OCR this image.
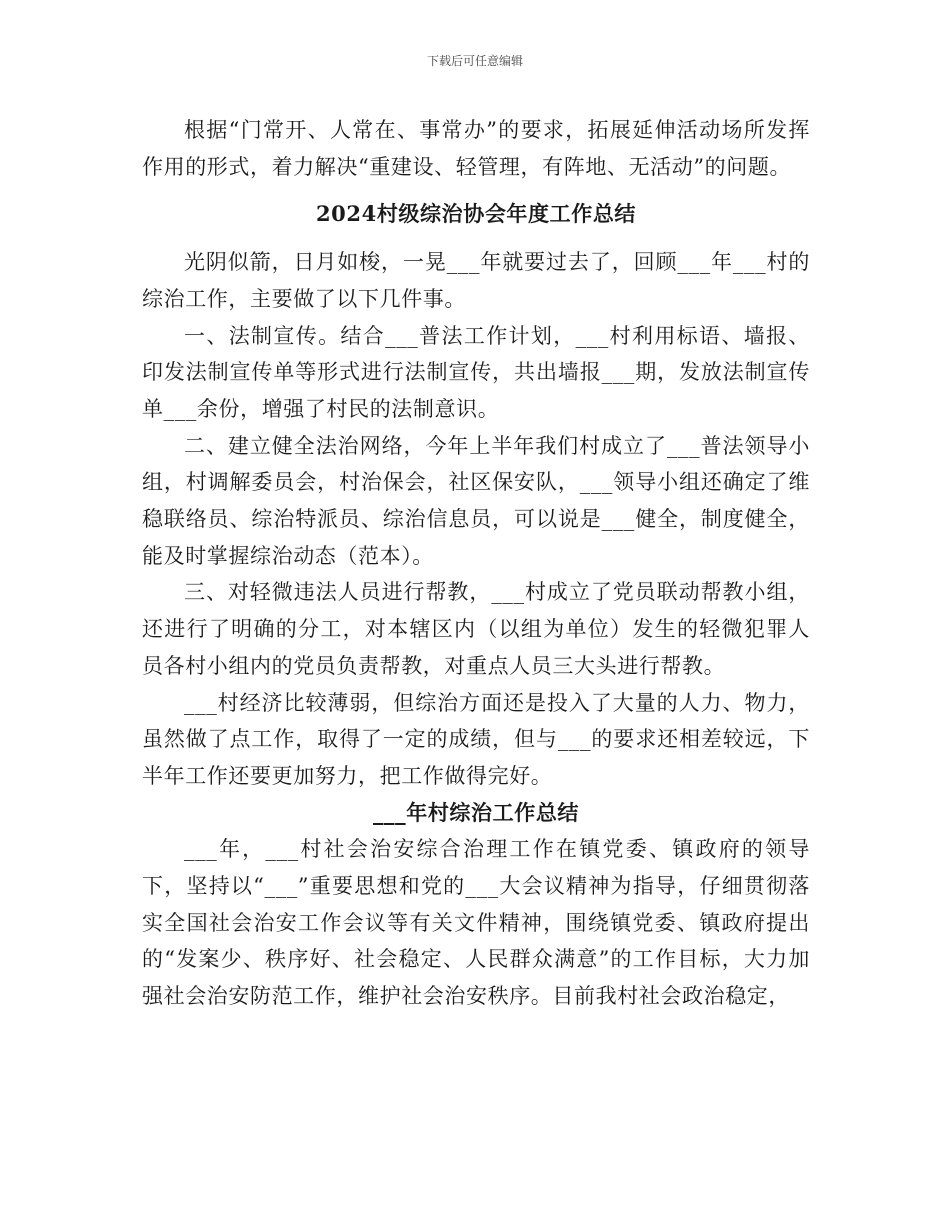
下载后可任意编辑

根据“门常开、人常在、事常办”的要求，拓展延伸活动场所发挥作用的形式，着力解决“重建设、轻管理，有阵地、无活动”的问题。

2024村级综治协会年度工作总结

光阴似箭，日月如梭，一晃___年就要过去了，回顾___年___村的综治工作，主要做了以下几件事。

一、法制宣传。结合___普法工作计划，___村利用标语、墙报、印发法制宣传单等形式进行法制宣传，共出墙报___期，发放法制宣传单___余份，增强了村民的法制意识。

二、建立健全法治网络，今年上半年我们村成立了___普法领导小组，村调解委员会，村治保会，社区保安队，___领导小组还确定了维稳联络员、综治特派员、综治信息员，可以说是___健全，制度健全，能及时掌握综治动态（范本）。

三、对轻微违法人员进行帮教，___村成立了党员联动帮教小组，还进行了明确的分工，对本辖区内（以组为单位）发生的轻微犯罪人员各村小组内的党员负责帮教，对重点人员三大头进行帮教。

___村经济比较薄弱，但综治方面还是投入了大量的人力、物力，虽然做了点工作，取得了一定的成绩，但与___的要求还相差较远，下半年工作还要更加努力，把工作做得完好。

___年村综治工作总结

___年，___村社会治安综合治理工作在镇党委、镇政府的领导下，坚持以“___”重要思想和党的___大会议精神为指导，仔细贯彻落实全国社会治安工作会议等有关文件精神，围绕镇党委、镇政府提出的“发案少、秩序好、社会稳定、人民群众满意”的工作目标，大力加强社会治安防范工作，维护社会治安秩序。目前我村社会政治稳定，
